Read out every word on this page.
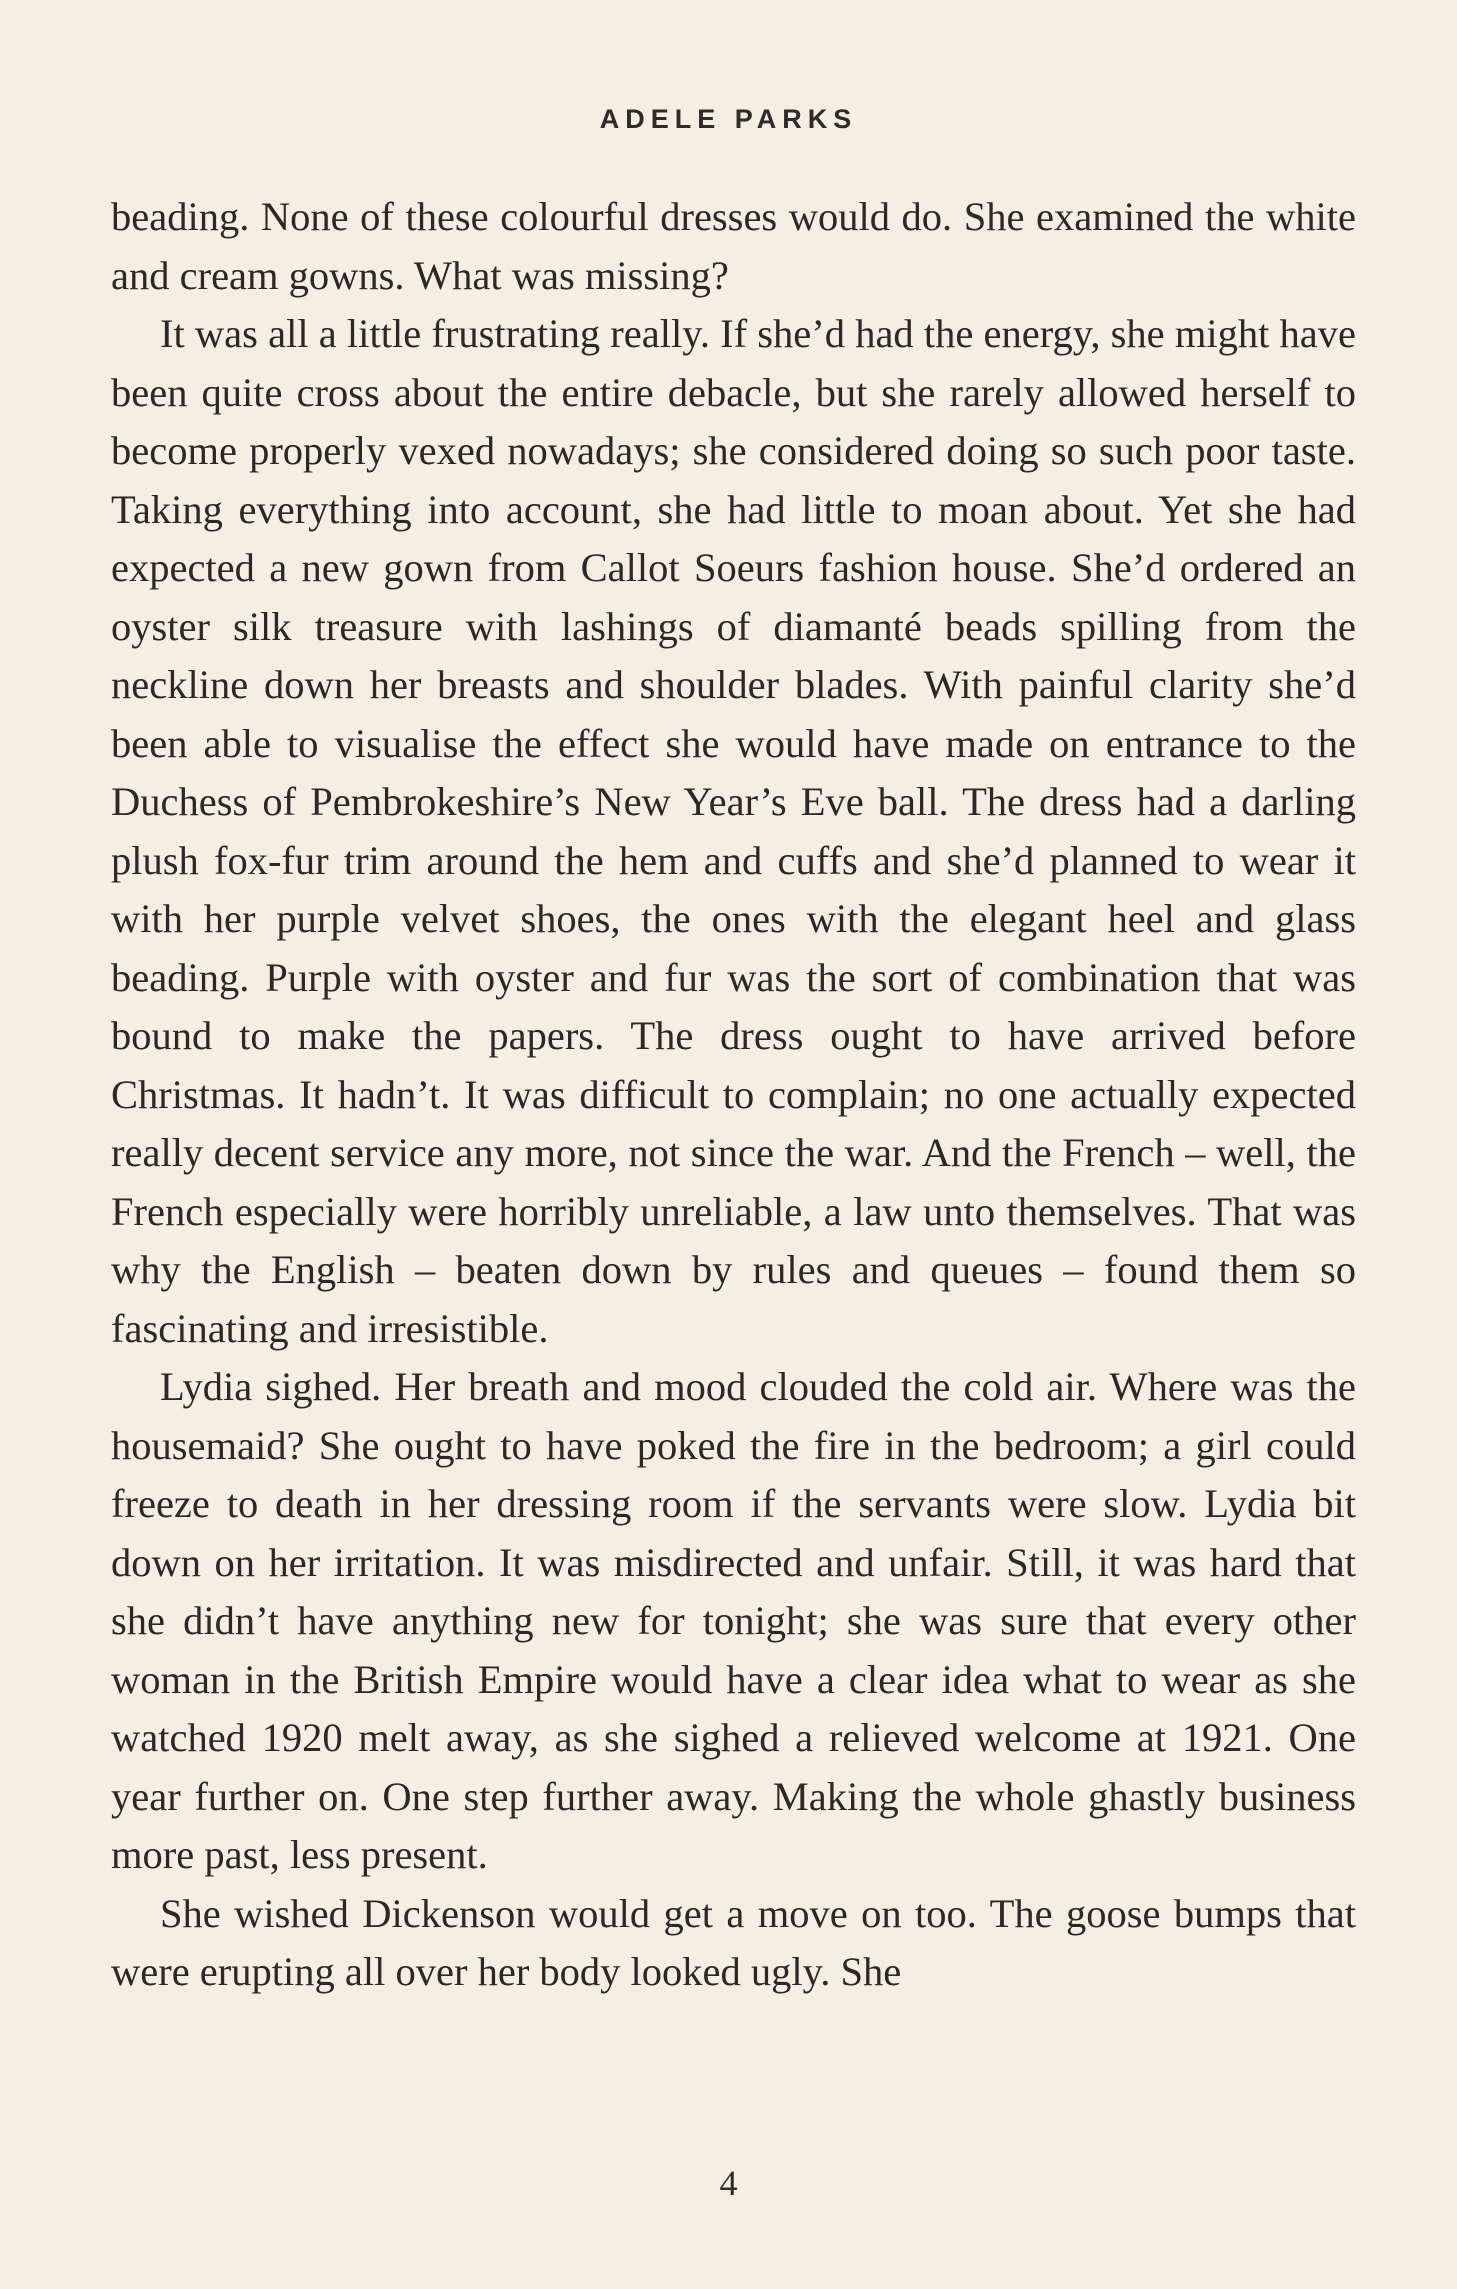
ADELE PARKS

beading. None of these colourful dresses would do. She examined the white and cream gowns. What was missing?

It was all a little frustrating really. If she’d had the energy, she might have been quite cross about the entire debacle, but she rarely allowed herself to become properly vexed nowadays; she considered doing so such poor taste. Taking everything into account, she had little to moan about. Yet she had expected a new gown from Callot Soeurs fashion house. She’d ordered an oyster silk treasure with lashings of diamanté beads spilling from the neckline down her breasts and shoulder blades. With painful clarity she’d been able to visualise the effect she would have made on entrance to the Duchess of Pembrokeshire’s New Year’s Eve ball. The dress had a darling plush fox-fur trim around the hem and cuffs and she’d planned to wear it with her purple velvet shoes, the ones with the elegant heel and glass beading. Purple with oyster and fur was the sort of combination that was bound to make the papers. The dress ought to have arrived before Christmas. It hadn’t. It was difficult to complain; no one actually expected really decent service any more, not since the war. And the French – well, the French especially were horribly unreliable, a law unto themselves. That was why the English – beaten down by rules and queues – found them so fascinating and irresistible.

Lydia sighed. Her breath and mood clouded the cold air. Where was the housemaid? She ought to have poked the fire in the bedroom; a girl could freeze to death in her dressing room if the servants were slow. Lydia bit down on her irritation. It was misdirected and unfair. Still, it was hard that she didn’t have anything new for tonight; she was sure that every other woman in the British Empire would have a clear idea what to wear as she watched 1920 melt away, as she sighed a relieved welcome at 1921. One year further on. One step further away. Making the whole ghastly business more past, less present.

She wished Dickenson would get a move on too. The goose bumps that were erupting all over her body looked ugly. She

4
